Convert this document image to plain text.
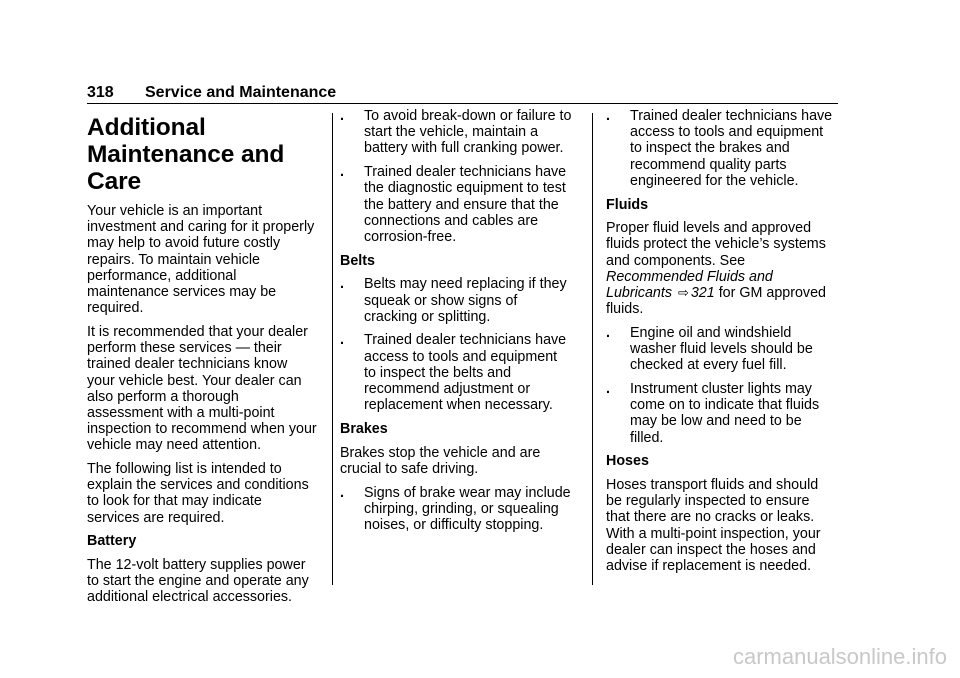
318 Service and Maintenance
Additional
Maintenance and Care

Your vehicle is an important
investment and caring for it properly
may help to avoid future costly
repairs. To maintain vehicle
performance, additional
maintenance services may be
required.

It is recommended that your dealer
perform these services — their
trained dealer technicians know
your vehicle best. Your dealer can
also perform a thorough
assessment with a multi-point
inspection to recommend when your
vehicle may need attention.

The following list is intended to
explain the services and conditions
to look for that may indicate
services are required.

Battery

The 12-volt battery supplies power
to start the engine and operate any
additional electrical accessories.

. To avoid break-down or failure to
start the vehicle, maintain a
battery with full cranking power.
. Trained dealer technicians have
the diagnostic equipment to test
the battery and ensure that the
connections and cables are
corrosion-free.
Belts
. Belts may need replacing if they
squeak or show signs of
cracking or splitting.
. Trained dealer technicians have
access to tools and equipment
to inspect the belts and
recommend adjustment or
replacement when necessary.
Brakes

Brakes stop the vehicle and are
crucial to safe driving.

. Signs of brake wear may include
chirping, grinding, or squealing
noises, or difficulty stopping.
. Trained dealer technicians have
access to tools and equipment
to inspect the brakes and
recommend quality parts
engineered for the vehicle.
Fluids

Proper fluid levels and approved
fluids protect the vehicle’s systems
and components. See
Recommended Fluids and
Lubricants ⇨ 321 for GM approved
fluids.

. Engine oil and windshield
washer fluid levels should be
checked at every fuel fill.
. Instrument cluster lights may
come on to indicate that fluids
may be low and need to be
filled.
Hoses

Hoses transport fluids and should
be regularly inspected to ensure
that there are no cracks or leaks.
With a multi-point inspection, your
dealer can inspect the hoses and
advise if replacement is needed.

carmanualsonline.info
